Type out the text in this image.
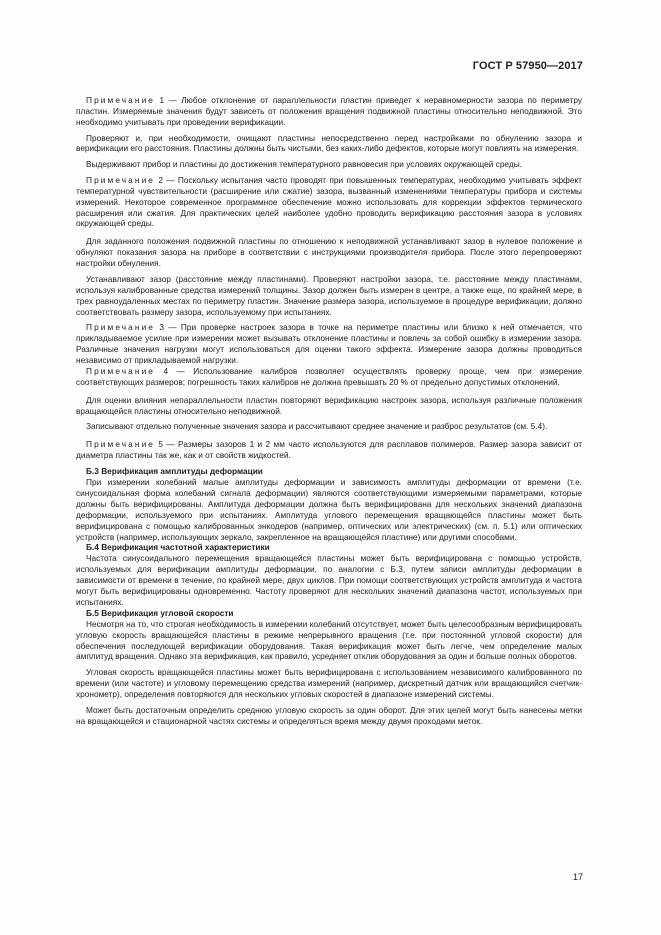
ГОСТ Р 57950—2017

Примечание 1 — Любое отклонение от параллельности пластин приведет к неравномерности зазора по периметру пластин. Измеряемые значения будут зависеть от положения вращения подвижной пластины относительно неподвижной. Это необходимо учитывать при проведении верификации.

Проверяют и, при необходимости, очищают пластины непосредственно перед настройками по обнулению зазора и верификации его расстояния. Пластины должны быть чистыми, без каких-либо дефектов, которые могут повлиять на измерения.

Выдерживают прибор и пластины до достижения температурного равновесия при условиях окружающей среды.

Примечание 2 — Поскольку испытания часто проводят при повышенных температурах, необходимо учитывать эффект температурной чувствительности (расширение или сжатие) зазора, вызванный изменениями температуры прибора и системы измерений. Некоторое современное программное обеспечение можно использовать для коррекции эффектов термического расширения или сжатия. Для практических целей наиболее удобно проводить верификацию расстояния зазора в условиях окружающей среды.

Для заданного положения подвижной пластины по отношению к неподвижной устанавливают зазор в нулевое положение и обнуляют показания зазора на приборе в соответствии с инструкциями производителя прибора. После этого перепроверяют настройки обнуления.

Устанавливают зазор (расстояние между пластинами). Проверяют настройки зазора, т.е. расстояние между пластинами, используя калиброванные средства измерений толщины. Зазор должен быть измерен в центре, а также еще, по крайней мере, в трех равноудаленных местах по периметру пластин. Значение размера зазора, используемое в процедуре верификации, должно соответствовать размеру зазора, используемому при испытаниях.

Примечание 3 — При проверке настроек зазора в точке на периметре пластины или близко к ней отмечается, что прикладываемое усилие при измерении может вызывать отклонение пластины и повлечь за собой ошибку в измерении зазора. Различные значения нагрузки могут использоваться для оценки такого эффекта. Измерение зазора должны проводиться независимо от прикладываемой нагрузки.

Примечание 4 — Использование калибров позволяет осуществлять проверку проще, чем при измерение соответствующих размеров; погрешность таких калибров не должна превышать 20 % от предельно допустимых отклонений.

Для оценки влияния непараллельности пластин повторяют верификацию настроек зазора, используя различные положения вращающейся пластины относительно неподвижной.

Записывают отдельно полученные значения зазора и рассчитывают среднее значение и разброс результатов (см. 5.4).

Примечание 5 — Размеры зазоров 1 и 2 мм часто используются для расплавов полимеров. Размер зазора зависит от диаметра пластины так же, как и от свойств жидкостей.

Б.3 Верификация амплитуды деформации

При измерении колебаний малые амплитуды деформации и зависимость амплитуды деформации от времени (т.е. синусоидальная форма колебаний сигнала деформации) являются соответствующими измеряемыми параметрами, которые должны быть верифицированы. Амплитуда деформации должна быть верифицирована для нескольких значений диапазона деформации, используемого при испытаниях. Амплитуда углового перемещения вращающейся пластины может быть верифицирована с помощью калиброванных энкодеров (например, оптических или электрических) (см. п. 5.1) или оптических устройств (например, использующих зеркало, закрепленное на вращающейся пластине) или другими способами.

Б.4 Верификация частотной характеристики

Частота синусоидального перемещения вращающейся пластины может быть верифицирована с помощью устройств, используемых для верификации амплитуды деформации, по аналогии с Б.3, путем записи амплитуды деформации в зависимости от времени в течение, по крайней мере, двух циклов. При помощи соответствующих устройств амплитуда и частота могут быть верифицированы одновременно. Частоту проверяют для нескольких значений диапазона частот, используемых при испытаниях.

Б.5 Верификация угловой скорости

Несмотря на то, что строгая необходимость в измерении колебаний отсутствует, может быть целесообразным верифицировать угловую скорость вращающейся пластины в режиме непрерывного вращения (т.е. при постоянной угловой скорости) для обеспечения последующей верификации оборудования. Такая верификация может быть легче, чем определение малых амплитуд вращения. Однако эта верификация, как правило, усредняет отклик оборудования за один и больше полных оборотов.

Угловая скорость вращающейся пластины может быть верифицирована с использованием независимого калиброванного по времени (или частоте) и угловому перемещению средства измерений (например, дискретный датчик или вращающийся счетчик-хронометр), определения повторяются для нескольких угловых скоростей в диапазоне измерений системы.

Может быть достаточным определить среднюю угловую скорость за один оборот. Для этих целей могут быть нанесены метки на вращающейся и стационарной частях системы и определяться время между двумя проходами меток.

17
